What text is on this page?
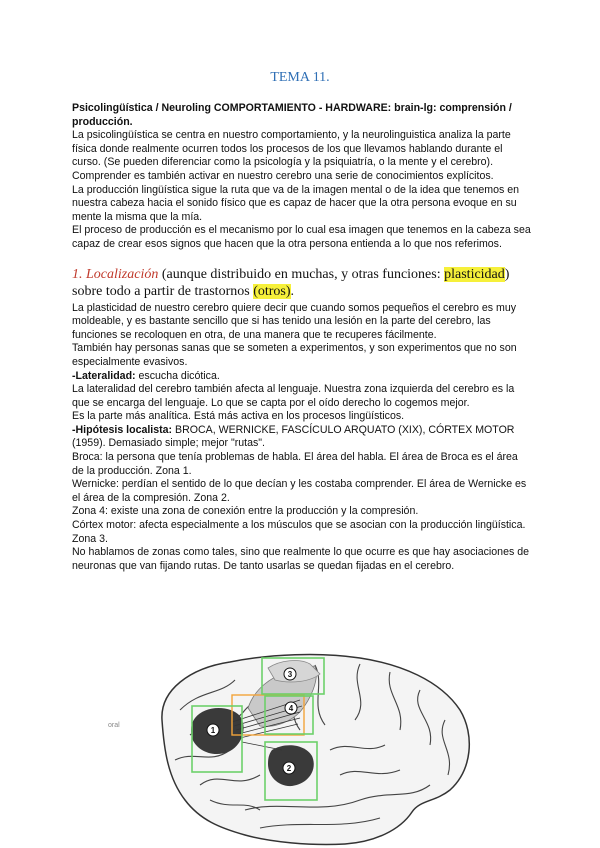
TEMA 11.

Psicolingüística / Neuroling COMPORTAMIENTO - HARDWARE: brain-lg: comprensión / producción.

La psicolingüística se centra en nuestro comportamiento, y la neurolinguistica analiza la parte física donde realmente ocurren todos los procesos de los que llevamos hablando durante el curso. (Se pueden diferenciar como la psicología y la psiquiatría, o la mente y el cerebro).

Comprender es también activar en nuestro cerebro una serie de conocimientos explícitos.

La producción lingüística sigue la ruta que va de la imagen mental o de la idea que tenemos en nuestra cabeza hacia el sonido físico que es capaz de hacer que la otra persona evoque en su mente la misma que la mía.

El proceso de producción es el mecanismo por lo cual esa imagen que tenemos en la cabeza sea capaz de crear esos signos que hacen que la otra persona entienda a lo que nos referimos.

1. Localización (aunque distribuido en muchas, y otras funciones: plasticidad) sobre todo a partir de trastornos (otros).

La plasticidad de nuestro cerebro quiere decir que cuando somos pequeños el cerebro es muy moldeable, y es bastante sencillo que si has tenido una lesión en la parte del cerebro, las funciones se recoloquen en otra, de una manera que te recuperes fácilmente.

También hay personas sanas que se someten a experimentos, y son experimentos que no son especialmente evasivos.

-Lateralidad: escucha dicótica.

La lateralidad del cerebro también afecta al lenguaje. Nuestra zona izquierda del cerebro es la que se encarga del lenguaje. Lo que se capta por el oído derecho lo cogemos mejor.

Es la parte más analítica. Está más activa en los procesos lingüísticos.

-Hipótesis localista: BROCA, WERNICKE, FASCÍCULO ARQUATO (XIX), CÓRTEX MOTOR (1959). Demasiado simple; mejor "rutas".

Broca: la persona que tenía problemas de habla. El área del habla. El área de Broca es el área de la producción. Zona 1.

Wernicke: perdían el sentido de lo que decían y les costaba comprender. El área de Wernicke es el área de la compresión. Zona 2.

Zona 4: existe una zona de conexión entre la producción y la compresión.

Córtex motor: afecta especialmente a los músculos que se asocian con la producción lingüística. Zona 3.

No hablamos de zonas como tales, sino que realmente lo que ocurre es que hay asociaciones de neuronas que van fijando rutas. De tanto usarlas se quedan fijadas en el cerebro.

oral
1
2
3
4
